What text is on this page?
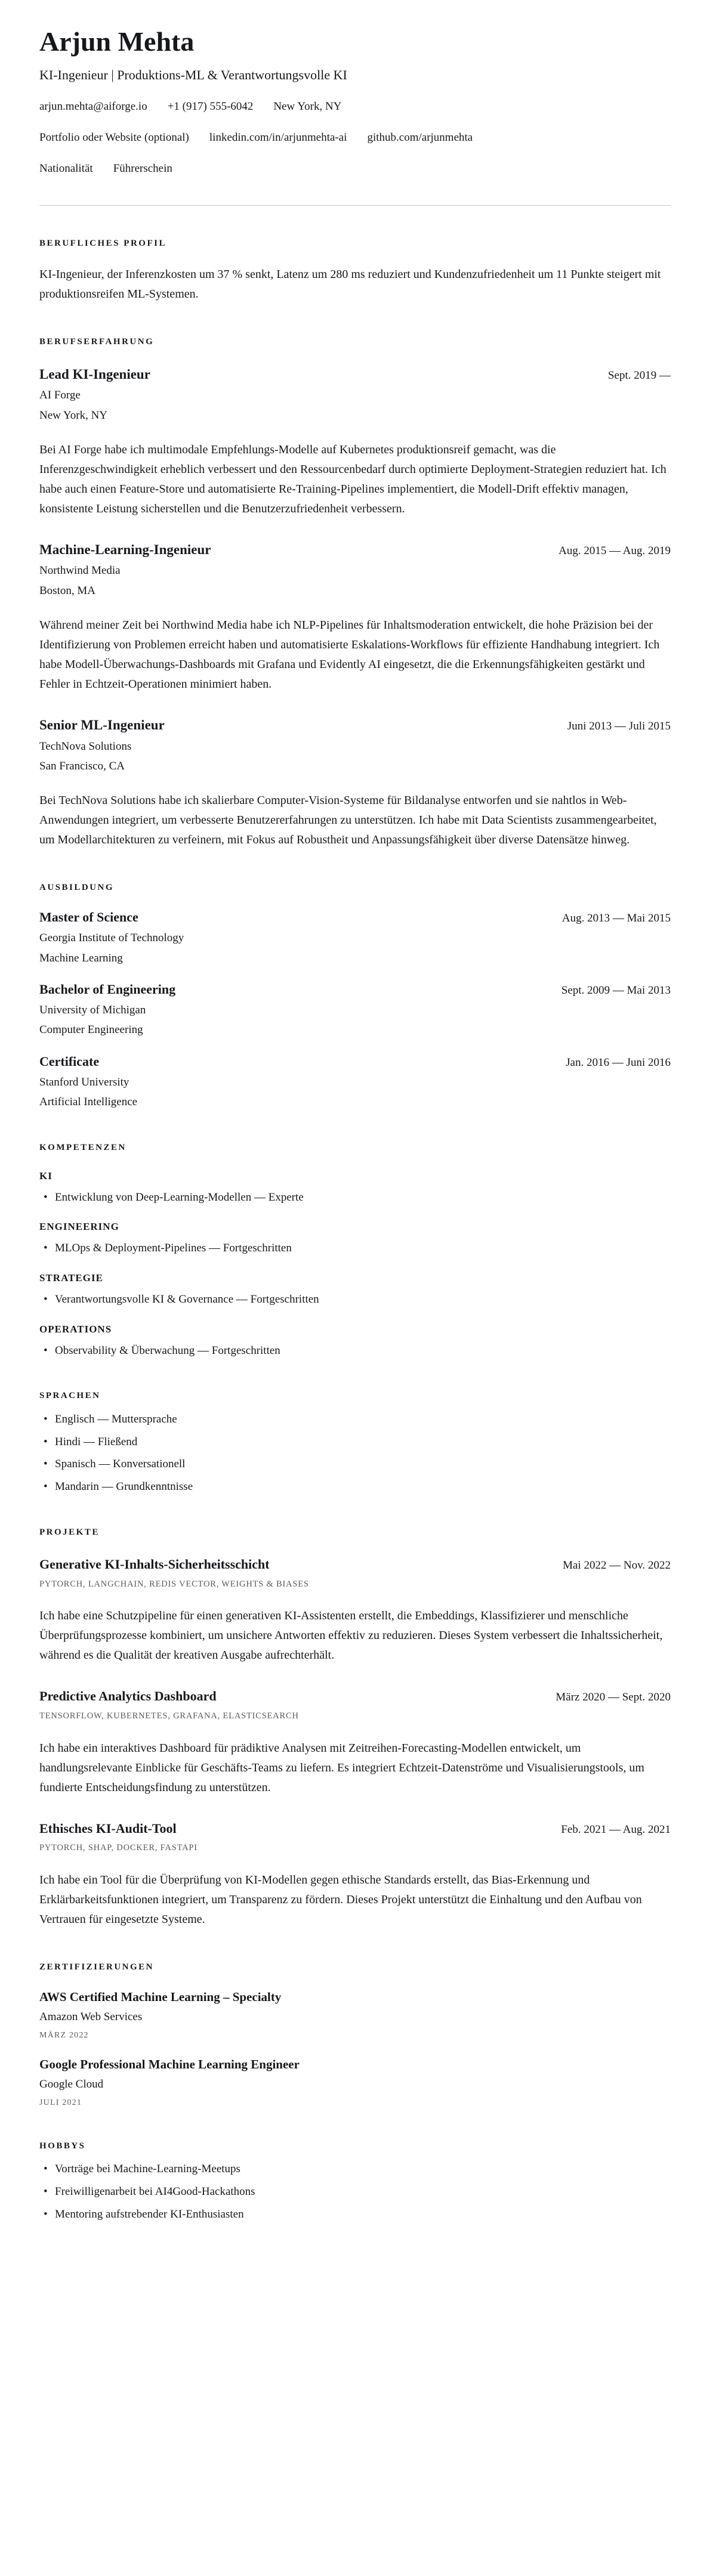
Arjun Mehta
KI-Ingenieur | Produktions-ML & Verantwortungsvolle KI
arjun.mehta@aiforge.io +1 (917) 555-6042 New York, NY
Portfolio oder Website (optional) linkedin.com/in/arjunmehta-ai github.com/arjunmehta
Nationalität Führerschein
BERUFLICHES PROFIL

KI-Ingenieur, der Inferenzkosten um 37 % senkt, Latenz um 280 ms reduziert und Kundenzufriedenheit um 11 Punkte steigert mit produktionsreifen ML-Systemen.

BERUFSERFAHRUNG
Lead KI-Ingenieur	Sept. 2019 —
AI Forge
New York, NY

Bei AI Forge habe ich multimodale Empfehlungs-Modelle auf Kubernetes produktionsreif gemacht, was die Inferenzgeschwindigkeit erheblich verbessert und den Ressourcenbedarf durch optimierte Deployment-Strategien reduziert hat. Ich habe auch einen Feature-Store und automatisierte Re-Training-Pipelines implementiert, die Modell-Drift effektiv managen, konsistente Leistung sicherstellen und die Benutzerzufriedenheit verbessern.

Machine-Learning-Ingenieur	Aug. 2015 — Aug. 2019
Northwind Media
Boston, MA

Während meiner Zeit bei Northwind Media habe ich NLP-Pipelines für Inhaltsmoderation entwickelt, die hohe Präzision bei der Identifizierung von Problemen erreicht haben und automatisierte Eskalations-Workflows für effiziente Handhabung integriert. Ich habe Modell-Überwachungs-Dashboards mit Grafana und Evidently AI eingesetzt, die die Erkennungsfähigkeiten gestärkt und Fehler in Echtzeit-Operationen minimiert haben.

Senior ML-Ingenieur	Juni 2013 — Juli 2015
TechNova Solutions
San Francisco, CA

Bei TechNova Solutions habe ich skalierbare Computer-Vision-Systeme für Bildanalyse entworfen und sie nahtlos in Web-Anwendungen integriert, um verbesserte Benutzererfahrungen zu unterstützen. Ich habe mit Data Scientists zusammengearbeitet, um Modellarchitekturen zu verfeinern, mit Fokus auf Robustheit und Anpassungsfähigkeit über diverse Datensätze hinweg.

AUSBILDUNG
Master of Science	Aug. 2013 — Mai 2015
Georgia Institute of Technology
Machine Learning
Bachelor of Engineering	Sept. 2009 — Mai 2013
University of Michigan
Computer Engineering
Certificate	Jan. 2016 — Juni 2016
Stanford University
Artificial Intelligence
KOMPETENZEN
KI
• Entwicklung von Deep-Learning-Modellen — Experte
ENGINEERING
• MLOps & Deployment-Pipelines — Fortgeschritten
STRATEGIE
• Verantwortungsvolle KI & Governance — Fortgeschritten
OPERATIONS
• Observability & Überwachung — Fortgeschritten
SPRACHEN
• Englisch — Muttersprache
• Hindi — Fließend
• Spanisch — Konversationell
• Mandarin — Grundkenntnisse
PROJEKTE
Generative KI-Inhalts-Sicherheitsschicht	Mai 2022 — Nov. 2022
PYTORCH, LANGCHAIN, REDIS VECTOR, WEIGHTS & BIASES

Ich habe eine Schutzpipeline für einen generativen KI-Assistenten erstellt, die Embeddings, Klassifizierer und menschliche Überprüfungsprozesse kombiniert, um unsichere Antworten effektiv zu reduzieren. Dieses System verbessert die Inhaltssicherheit, während es die Qualität der kreativen Ausgabe aufrechterhält.

Predictive Analytics Dashboard	März 2020 — Sept. 2020
TENSORFLOW, KUBERNETES, GRAFANA, ELASTICSEARCH

Ich habe ein interaktives Dashboard für prädiktive Analysen mit Zeitreihen-Forecasting-Modellen entwickelt, um handlungsrelevante Einblicke für Geschäfts-Teams zu liefern. Es integriert Echtzeit-Datenströme und Visualisierungstools, um fundierte Entscheidungsfindung zu unterstützen.

Ethisches KI-Audit-Tool	Feb. 2021 — Aug. 2021
PYTORCH, SHAP, DOCKER, FASTAPI

Ich habe ein Tool für die Überprüfung von KI-Modellen gegen ethische Standards erstellt, das Bias-Erkennung und Erklärbarkeitsfunktionen integriert, um Transparenz zu fördern. Dieses Projekt unterstützt die Einhaltung und den Aufbau von Vertrauen für eingesetzte Systeme.

ZERTIFIZIERUNGEN
AWS Certified Machine Learning – Specialty
Amazon Web Services
MÄRZ 2022
Google Professional Machine Learning Engineer
Google Cloud
JULI 2021
HOBBYS
• Vorträge bei Machine-Learning-Meetups
• Freiwilligenarbeit bei AI4Good-Hackathons
• Mentoring aufstrebender KI-Enthusiasten
